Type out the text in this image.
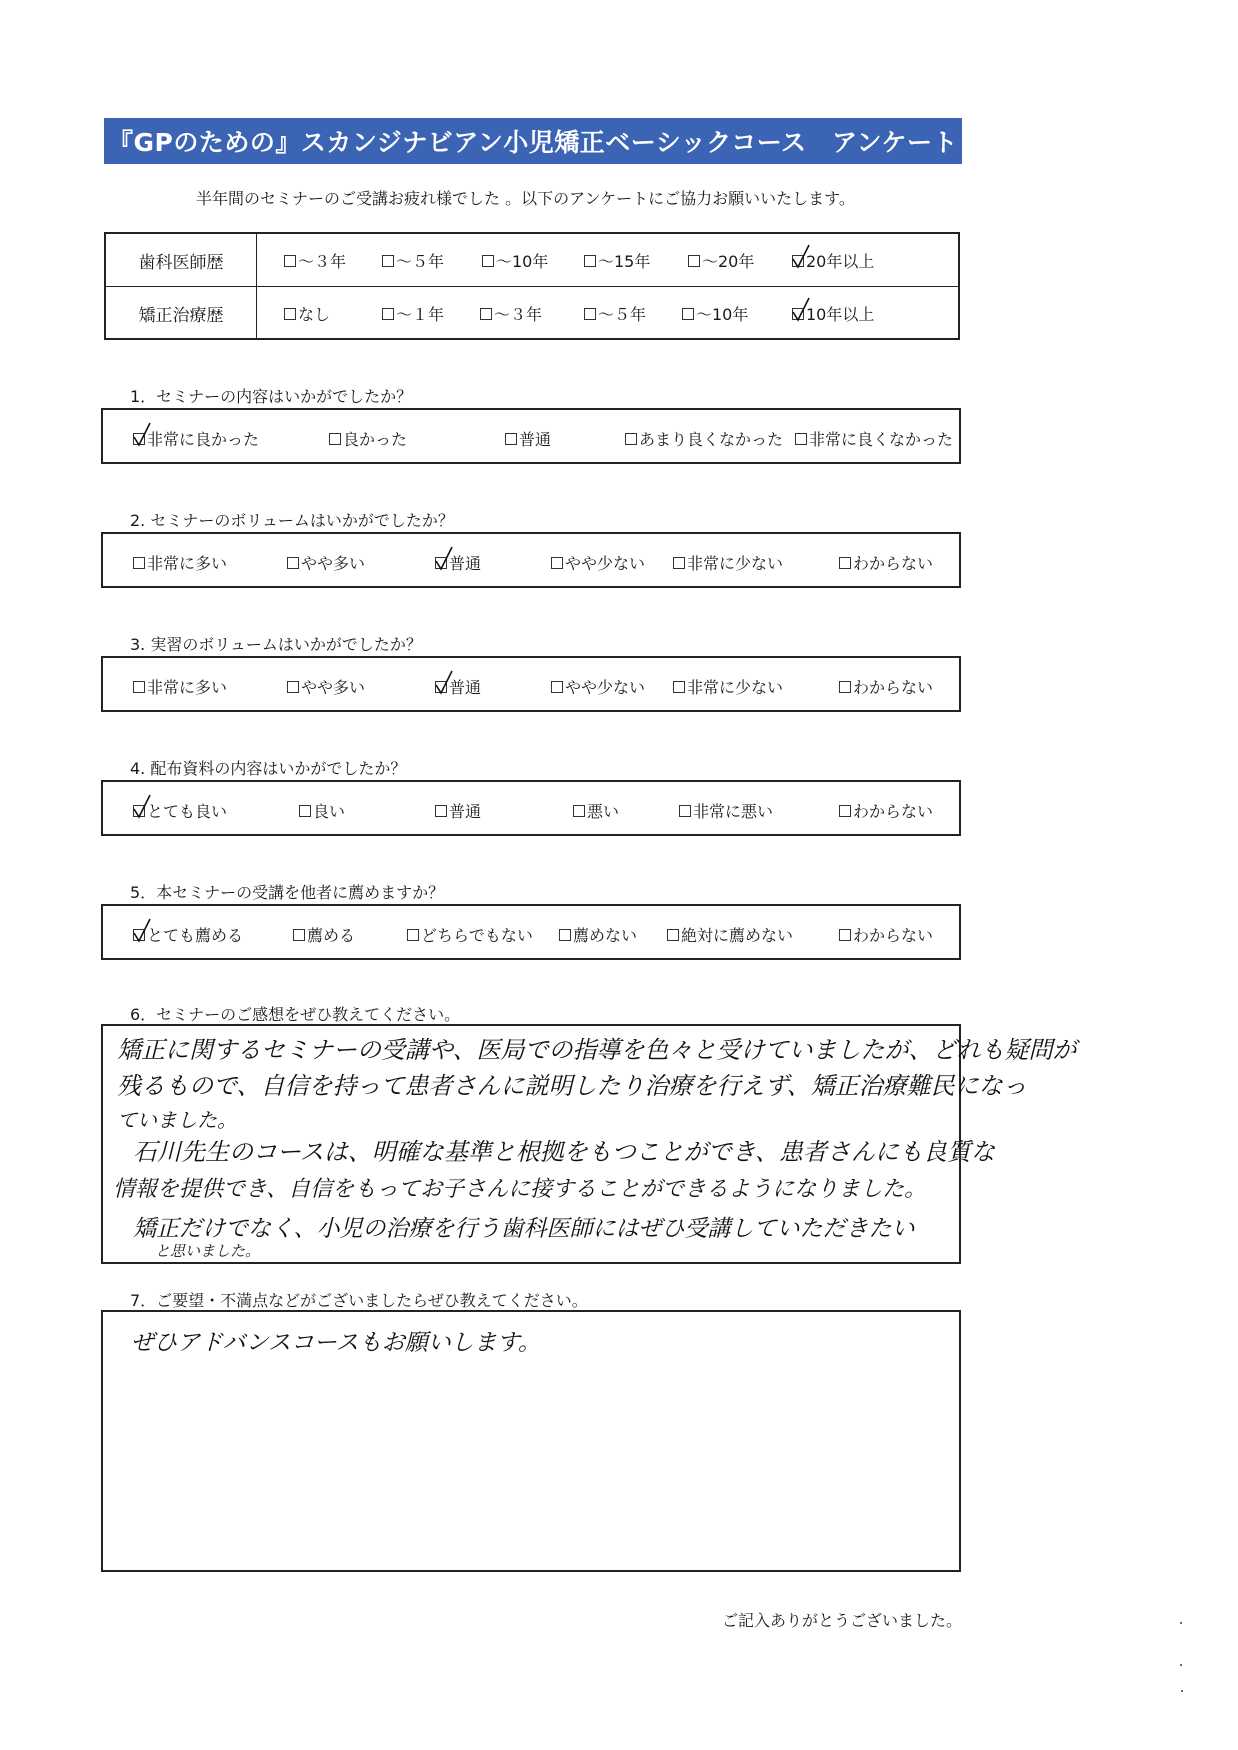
『GPのための』スカンジナビアン小児矯正ベーシックコース　アンケート
半年間のセミナーのご受講お疲れ様でした 。以下のアンケートにご協力お願いいたします。
歯科医師歴	～３年	～５年	～10年	～15年	～20年	20年以上
矯正治療歴	なし	～１年	～３年	～５年	～10年	10年以上
1．セミナーの内容はいかがでしたか？
非常に良かった	良かった	普通	あまり良くなかった 非常に良くなかった
2. セミナーのボリュームはいかがでしたか？
非常に多い	やや多い	普通	やや少ない	非常に少ない	わからない
3. 実習のボリュームはいかがでしたか？
非常に多い	やや多い	普通	やや少ない	非常に少ない	わからない
4. 配布資料の内容はいかがでしたか？
とても良い	良い	普通	悪い	非常に悪い	わからない
5．本セミナーの受講を他者に薦めますか？
とても薦める	薦める	どちらでもない	薦めない	絶対に薦めない	わからない
6．セミナーのご感想をぜひ教えてください。
矯正に関するセミナーの受講や、医局での指導を色々と受けていましたが、どれも疑問が
残るもので、自信を持って患者さんに説明したり治療を行えず、矯正治療難民になっ
ていました。
石川先生のコースは、明確な基準と根拠をもつことができ、患者さんにも良質な
情報を提供でき、自信をもってお子さんに接することができるようになりました。
矯正だけでなく、小児の治療を行う歯科医師にはぜひ受講していただきたい
と思いました。
7．ご要望・不満点などがございましたらぜひ教えてください。
ぜひアドバンスコースもお願いします。
ご記入ありがとうございました。
